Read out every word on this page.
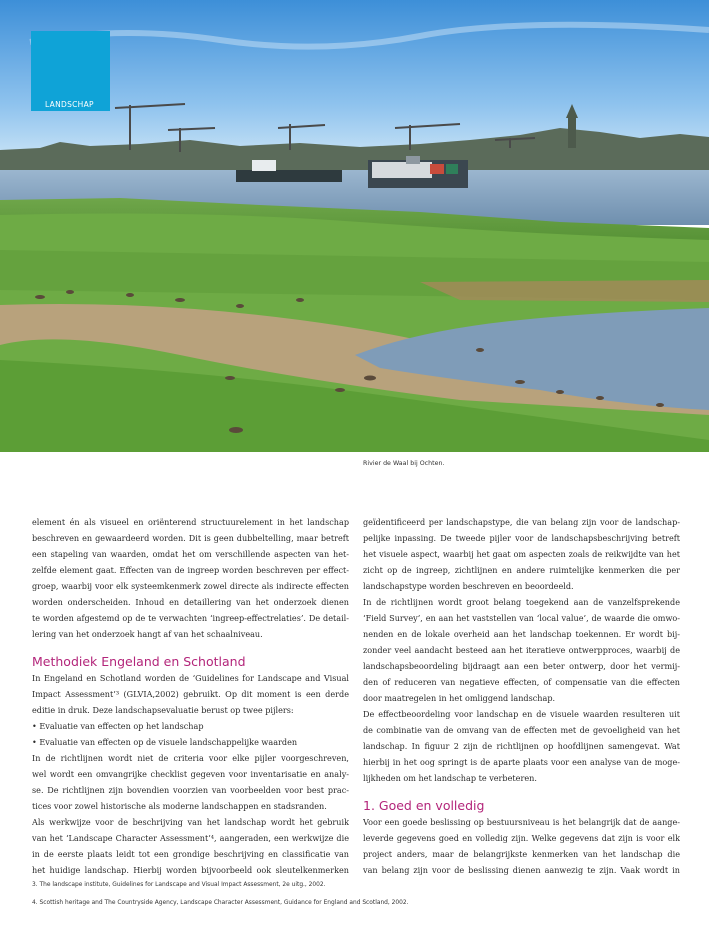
LANDSCHAP
Rivier de Waal bij Ochten.

element én als visueel en oriënterend structuurelement in het landschap

beschreven en gewaardeerd worden. Dit is geen dubbeltelling, maar betreft

een stapeling van waarden, omdat het om verschillende aspecten van het-

zelfde element gaat. Effecten van de ingreep worden beschreven per effect-

groep, waarbij voor elk systeemkenmerk zowel directe als indirecte effecten

worden onderscheiden. Inhoud en detaillering van het onderzoek dienen

te worden afgestemd op de te verwachten ‘ingreep-effectrelaties’. De detail-

lering van het onderzoek hangt af van het schaalniveau.

Methodiek Engeland en Schotland

In Engeland en Schotland worden de ‘Guidelines for Landscape and Visual

Impact Assessment’³ (GLVIA,2002) gebruikt. Op dit moment is een derde

editie in druk. Deze landschapsevaluatie berust op twee pijlers:

• Evaluatie van effecten op het landschap

• Evaluatie van effecten op de visuele landschappelijke waarden

In de richtlijnen wordt niet de criteria voor elke pijler voorgeschreven,

wel wordt een omvangrijke checklist gegeven voor inventarisatie en analy-

se. De richtlijnen zijn bovendien voorzien van voorbeelden voor best prac-

tices voor zowel historische als moderne landschappen en stadsranden.

Als werkwijze voor de beschrijving van het landschap wordt het gebruik

van het ‘Landscape Character Assessment’⁴, aangeraden, een werkwijze die

in de eerste plaats leidt tot een grondige beschrijving en classificatie van

het huidige landschap. Hierbij worden bijvoorbeeld ook sleutelkenmerken

geïdentificeerd per landschapstype, die van belang zijn voor de landschap-

pelijke inpassing. De tweede pijler voor de landschapsbeschrijving betreft

het visuele aspect, waarbij het gaat om aspecten zoals de reikwijdte van het

zicht op de ingreep, zichtlijnen en andere ruimtelijke kenmerken die per

landschapstype worden beschreven en beoordeeld.

In de richtlijnen wordt groot belang toegekend aan de vanzelfsprekende

‘Field Survey’, en aan het vaststellen van ‘local value’, de waarde die omwo-

nenden en de lokale overheid aan het landschap toekennen. Er wordt bij-

zonder veel aandacht besteed aan het iteratieve ontwerpproces, waarbij de

landschapsbeoordeling bijdraagt aan een beter ontwerp, door het vermij-

den of reduceren van negatieve effecten, of compensatie van die effecten

door maatregelen in het omliggend landschap.

De effectbeoordeling voor landschap en de visuele waarden resulteren uit

de combinatie van de omvang van de effecten met de gevoeligheid van het

landschap. In figuur 2 zijn de richtlijnen op hoofdlijnen samengevat. Wat

hierbij in het oog springt is de aparte plaats voor een analyse van de moge-

lijkheden om het landschap te verbeteren.

1. Goed en volledig

Voor een goede beslissing op bestuursniveau is het belangrijk dat de aange-

leverde gegevens goed en volledig zijn. Welke gegevens dat zijn is voor elk

project anders, maar de belangrijkste kenmerken van het landschap die

van belang zijn voor de beslissing dienen aanwezig te zijn. Vaak wordt in

3. The landscape institute, Guidelines for Landscape and Visual Impact Assessment, 2e uitg., 2002.
4. Scottish heritage and The Countryside Agency, Landscape Character Assessment, Guidance for England and Scotland, 2002.
